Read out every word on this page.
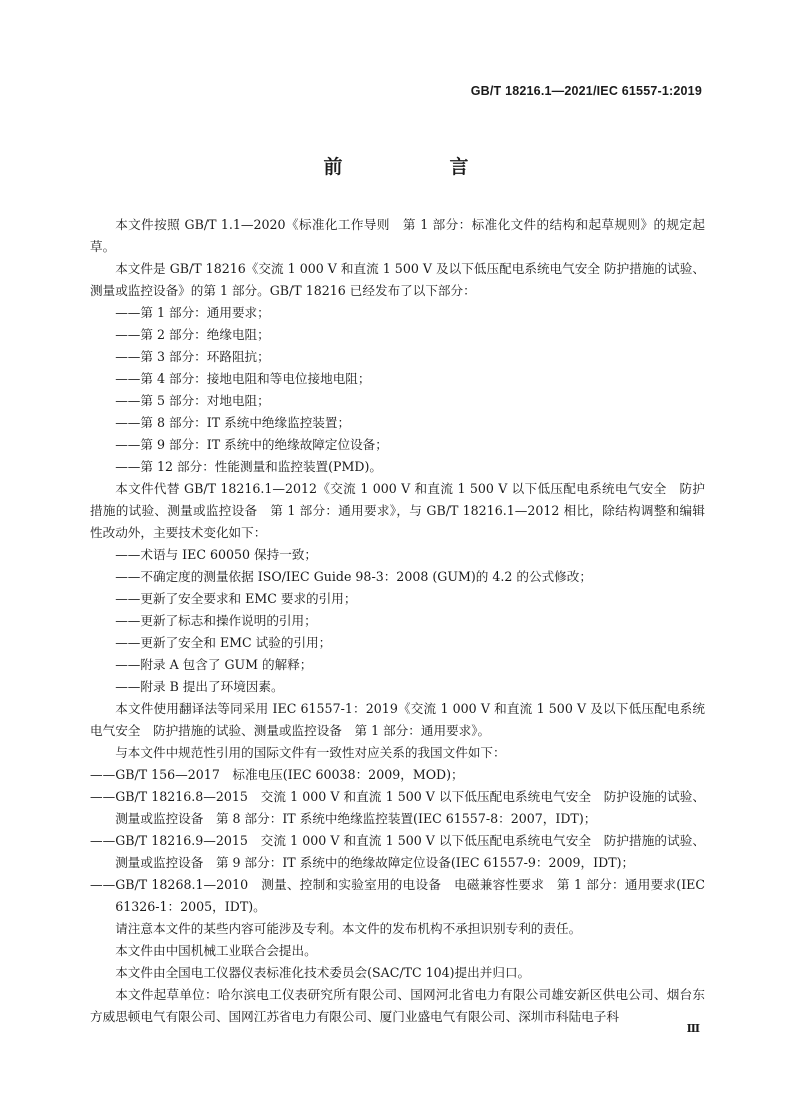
GB/T 18216.1—2021/IEC 61557-1:2019
前　言

本文件按照 GB/T 1.1—2020《标准化工作导则　第 1 部分：标准化文件的结构和起草规则》的规定起草。

本文件是 GB/T 18216《交流 1 000 V 和直流 1 500 V 及以下低压配电系统电气安全 防护措施的试验、测量或监控设备》的第 1 部分。GB/T 18216 已经发布了以下部分：

——第 1 部分：通用要求；

——第 2 部分：绝缘电阻；

——第 3 部分：环路阻抗；

——第 4 部分：接地电阻和等电位接地电阻；

——第 5 部分：对地电阻；

——第 8 部分：IT 系统中绝缘监控装置；

——第 9 部分：IT 系统中的绝缘故障定位设备；

——第 12 部分：性能测量和监控装置(PMD)。

本文件代替 GB/T 18216.1—2012《交流 1 000 V 和直流 1 500 V 以下低压配电系统电气安全　防护措施的试验、测量或监控设备　第 1 部分：通用要求》，与 GB/T 18216.1—2012 相比，除结构调整和编辑性改动外，主要技术变化如下：

——术语与 IEC 60050 保持一致；

——不确定度的测量依据 ISO/IEC Guide 98-3：2008 (GUM)的 4.2 的公式修改；

——更新了安全要求和 EMC 要求的引用；

——更新了标志和操作说明的引用；

——更新了安全和 EMC 试验的引用；

——附录 A 包含了 GUM 的解释；

——附录 B 提出了环境因素。

本文件使用翻译法等同采用 IEC 61557-1：2019《交流 1 000 V 和直流 1 500 V 及以下低压配电系统电气安全　防护措施的试验、测量或监控设备　第 1 部分：通用要求》。

与本文件中规范性引用的国际文件有一致性对应关系的我国文件如下：

——GB/T 156—2017　标准电压(IEC 60038：2009，MOD)；

——GB/T 18216.8—2015　交流 1 000 V 和直流 1 500 V 以下低压配电系统电气安全　防护设施的试验、测量或监控设备　第 8 部分：IT 系统中绝缘监控装置(IEC 61557-8：2007，IDT)；

——GB/T 18216.9—2015　交流 1 000 V 和直流 1 500 V 以下低压配电系统电气安全　防护措施的试验、测量或监控设备　第 9 部分：IT 系统中的绝缘故障定位设备(IEC 61557-9：2009，IDT)；

——GB/T 18268.1—2010　测量、控制和实验室用的电设备　电磁兼容性要求　第 1 部分：通用要求(IEC 61326-1：2005，IDT)。

请注意本文件的某些内容可能涉及专利。本文件的发布机构不承担识别专利的责任。

本文件由中国机械工业联合会提出。

本文件由全国电工仪器仪表标准化技术委员会(SAC/TC 104)提出并归口。

本文件起草单位：哈尔滨电工仪表研究所有限公司、国网河北省电力有限公司雄安新区供电公司、烟台东方威思顿电气有限公司、国网江苏省电力有限公司、厦门业盛电气有限公司、深圳市科陆电子科

Ⅲ
